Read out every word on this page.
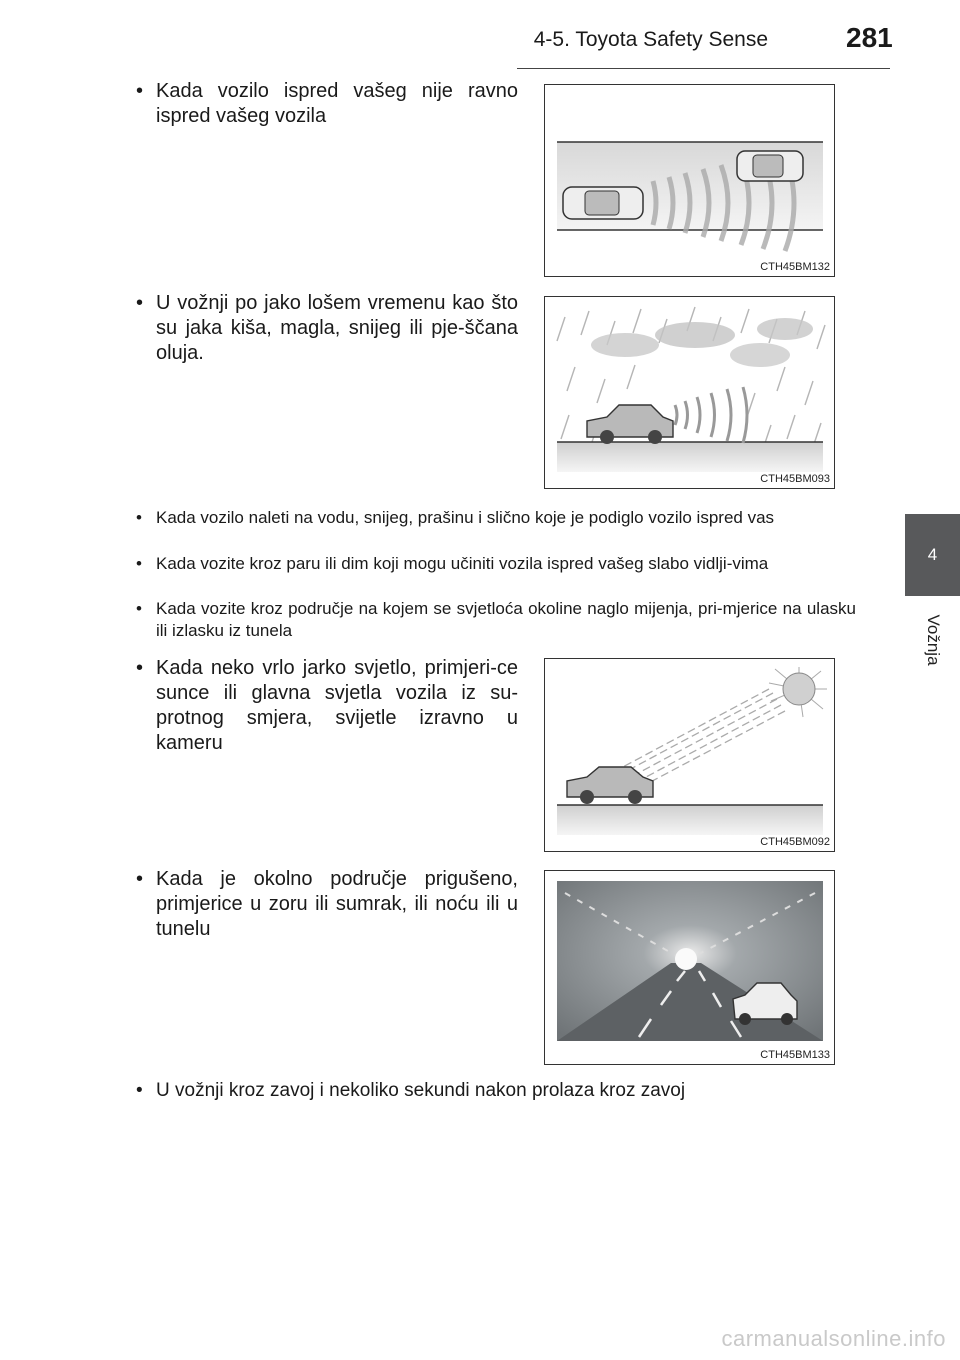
4-5. Toyota Safety Sense	281
4
Vožnja
• Kada vozilo ispred vašeg nije ravno ispred vašeg vozila
CTH45BM132
• U vožnji po jako lošem vremenu kao što su jaka kiša, magla, snijeg ili pje-ščana oluja.
CTH45BM093
• Kada vozilo naleti na vodu, snijeg, prašinu i slično koje je podiglo vozilo ispred vas
• Kada vozite kroz paru ili dim koji mogu učiniti vozila ispred vašeg slabo vidlji-vima
• Kada vozite kroz područje na kojem se svjetloća okoline naglo mijenja, pri-mjerice na ulasku ili izlasku iz tunela
• Kada neko vrlo jarko svjetlo, primjeri-ce sunce ili glavna svjetla vozila iz su-protnog smjera, svijetle izravno u kameru
CTH45BM092
• Kada je okolno područje prigušeno, primjerice u zoru ili sumrak, ili noću ili u tunelu
CTH45BM133
• U vožnji kroz zavoj i nekoliko sekundi nakon prolaza kroz zavoj
carmanualsonline.info
